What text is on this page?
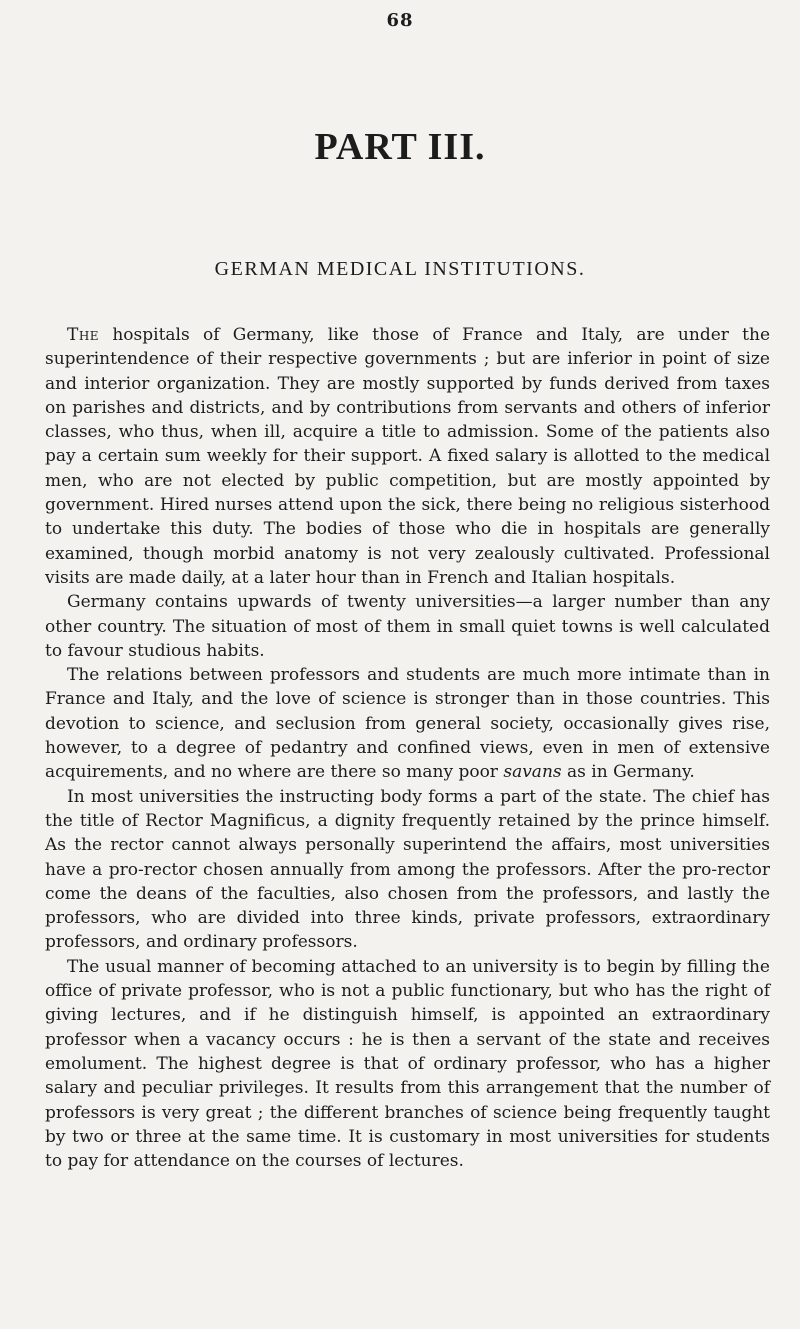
68
PART III.
GERMAN MEDICAL INSTITUTIONS.

The hospitals of Germany, like those of France and Italy, are under the superintendence of their respective governments ; but are inferior in point of size and interior organization. They are mostly supported by funds derived from taxes on parishes and districts, and by contributions from servants and others of inferior classes, who thus, when ill, acquire a title to admission. Some of the patients also pay a certain sum weekly for their support. A fixed salary is allotted to the medical men, who are not elected by public competition, but are mostly appointed by government. Hired nurses attend upon the sick, there being no religious sisterhood to undertake this duty. The bodies of those who die in hospitals are generally examined, though morbid anatomy is not very zealously cultivated. Professional visits are made daily, at a later hour than in French and Italian hospitals.

Germany contains upwards of twenty universities—a larger number than any other country. The situation of most of them in small quiet towns is well calculated to favour studious habits.

The relations between professors and students are much more intimate than in France and Italy, and the love of science is stronger than in those countries. This devotion to science, and seclusion from general society, occasionally gives rise, however, to a degree of pedantry and confined views, even in men of extensive acquirements, and no where are there so many poor savans as in Germany.

In most universities the instructing body forms a part of the state. The chief has the title of Rector Magnificus, a dignity frequently retained by the prince himself. As the rector cannot always personally superintend the affairs, most universities have a pro-rector chosen annually from among the professors. After the pro-rector come the deans of the faculties, also chosen from the professors, and lastly the professors, who are divided into three kinds, private professors, extraordinary professors, and ordinary professors.

The usual manner of becoming attached to an university is to begin by filling the office of private professor, who is not a public functionary, but who has the right of giving lectures, and if he distinguish himself, is appointed an extraordinary professor when a vacancy occurs : he is then a servant of the state and receives emolument. The highest degree is that of ordinary professor, who has a higher salary and peculiar privileges. It results from this arrangement that the number of professors is very great ; the different branches of science being frequently taught by two or three at the same time. It is customary in most universities for students to pay for attendance on the courses of lectures.
